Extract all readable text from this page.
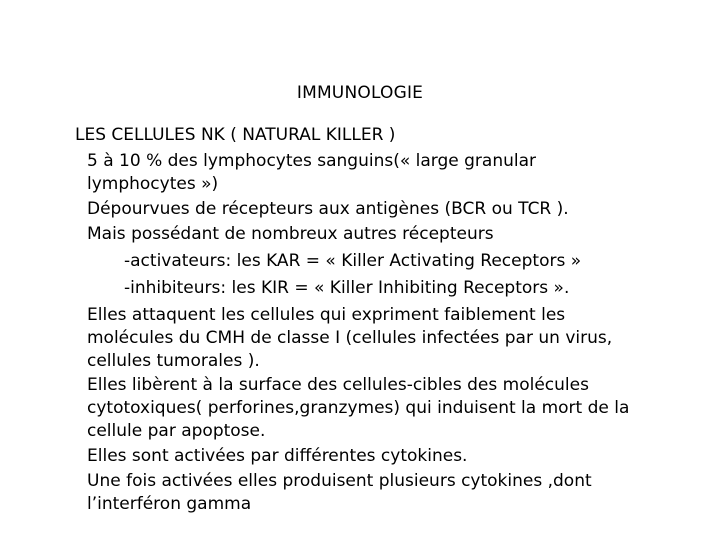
IMMUNOLOGIE
LES CELLULES NK ( NATURAL KILLER )
5 à 10 % des lymphocytes sanguins(« large granular
lymphocytes »)
Dépourvues de récepteurs aux antigènes (BCR ou TCR ).
Mais possédant de nombreux autres récepteurs
-activateurs: les KAR = « Killer Activating Receptors »
-inhibiteurs: les KIR = « Killer Inhibiting Receptors ».
Elles attaquent les cellules qui expriment faiblement les
molécules du CMH de classe I (cellules infectées par un virus,
cellules tumorales ).
Elles libèrent à la surface des cellules-cibles des molécules
cytotoxiques( perforines,granzymes) qui induisent la mort de la
cellule par apoptose.
Elles sont activées par différentes cytokines.
Une fois activées elles produisent plusieurs cytokines ,dont
l’interféron gamma
